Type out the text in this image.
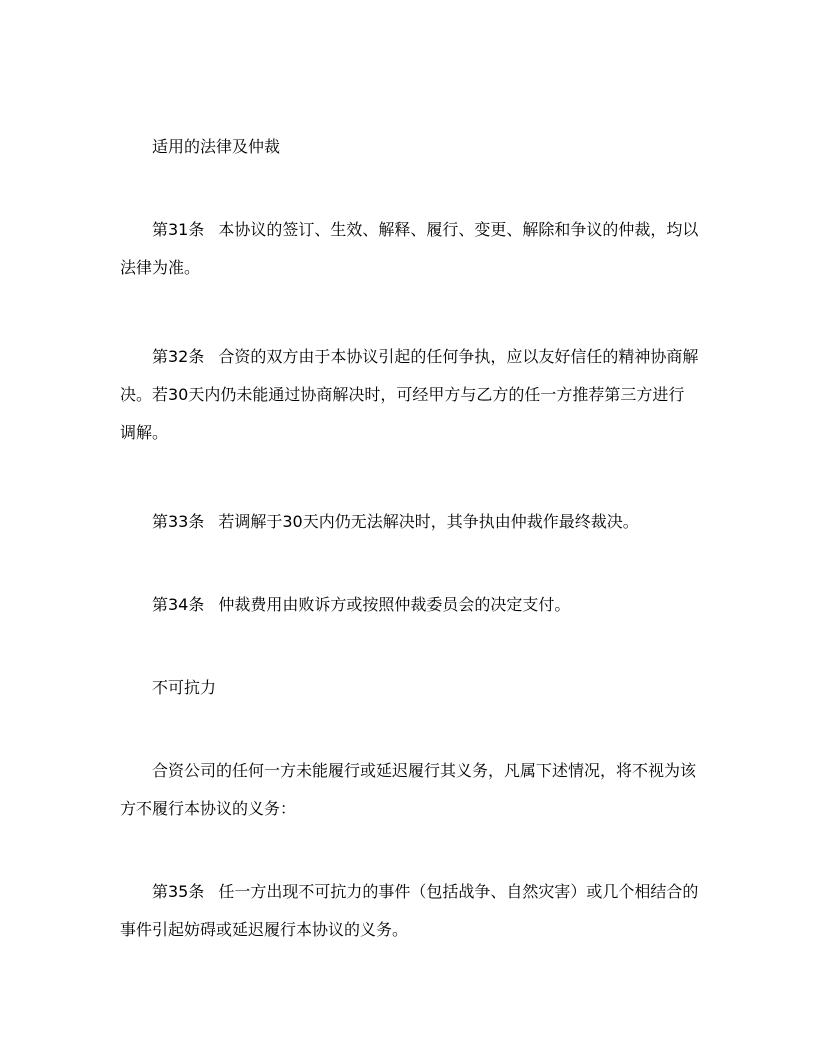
适用的法律及仲裁

第31条 本协议的签订、生效、解释、履行、变更、解除和争议的仲裁，均以法律为准。

第32条 合资的双方由于本协议引起的任何争执，应以友好信任的精神协商解决。若30天内仍未能通过协商解决时，可经甲方与乙方的任一方推荐第三方进行调解。

第33条 若调解于30天内仍无法解决时，其争执由仲裁作最终裁决。

第34条 仲裁费用由败诉方或按照仲裁委员会的决定支付。

不可抗力

合资公司的任何一方未能履行或延迟履行其义务，凡属下述情况，将不视为该方不履行本协议的义务：

第35条 任一方出现不可抗力的事件（包括战争、自然灾害）或几个相结合的事件引起妨碍或延迟履行本协议的义务。
